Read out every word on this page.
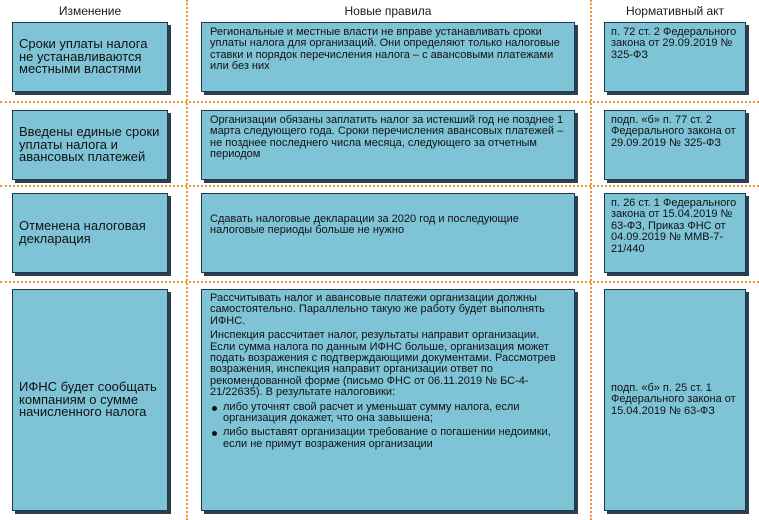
Изменение	Новые правила	Нормативный акт

Сроки уплаты налога не устанавливаются местными властями

Региональные и местные власти не вправе устанавливать сроки уплаты налога для организаций. Они определяют только налоговые ставки и порядок перечисления налога – с авансовыми платежами или без них

п. 72 ст. 2 Федерального закона от 29.09.2019 № 325-ФЗ

Введены единые сроки уплаты налога и авансовых платежей

Организации обязаны заплатить налог за истекший год не позднее 1 марта следующего года. Сроки перечисления авансовых платежей – не позднее последнего числа месяца, следующего за отчетным периодом

подп. «б» п. 77 ст. 2 Федерального закона от 29.09.2019 № 325-ФЗ

Отменена налоговая декларация

Сдавать налоговые декларации за 2020 год и последующие налоговые периоды больше не нужно

п. 26 ст. 1 Федерального закона от 15.04.2019 № 63-ФЗ, Приказ ФНС от 04.09.2019 № ММВ-7-21/440

ИФНС будет сообщать компаниям о сумме начисленного налога

Рассчитывать налог и авансовые платежи организации должны самостоятельно. Параллельно такую же работу будет выполнять ИФНС.

Инспекция рассчитает налог, результаты направит организации. Если сумма налога по данным ИФНС больше, организация может подать возражения с подтверждающими документами. Рассмотрев возражения, инспекция направит организации ответ по рекомендованной форме (письмо ФНС от 06.11.2019 № БС-4-21/22635). В результате налоговики:

либо уточнят свой расчет и уменьшат сумму налога, если организация докажет, что она завышена;

либо выставят организации требование о погашении недоимки, если не примут возражения организации

подп. «б» п. 25 ст. 1 Федерального закона от 15.04.2019 № 63-ФЗ
